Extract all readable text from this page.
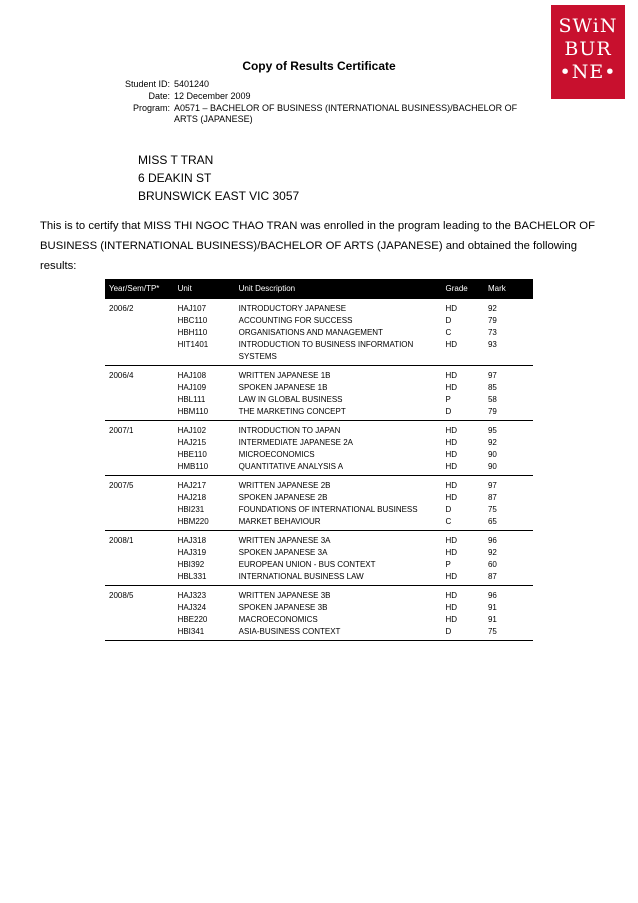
SWiN
BUR
•NE•
Copy of Results Certificate
Student ID: 5401240
Date: 12 December 2009
Program: A0571 – BACHELOR OF BUSINESS (INTERNATIONAL BUSINESS)/BACHELOR OF ARTS (JAPANESE)
MISS T TRAN
6 DEAKIN ST
BRUNSWICK EAST VIC 3057
This is to certify that MISS THI NGOC THAO TRAN was enrolled in the program leading to the BACHELOR OF BUSINESS (INTERNATIONAL BUSINESS)/BACHELOR OF ARTS (JAPANESE) and obtained the following results:
Year/Sem/TP*	Unit	Unit Description	Grade	Mark
2006/2	HAJ107	INTRODUCTORY JAPANESE	HD	92
	HBC110	ACCOUNTING FOR SUCCESS	D	79
	HBH110	ORGANISATIONS AND MANAGEMENT	C	73
	HIT1401	INTRODUCTION TO BUSINESS INFORMATION SYSTEMS	HD	93
2006/4	HAJ108	WRITTEN JAPANESE 1B	HD	97
	HAJ109	SPOKEN JAPANESE 1B	HD	85
	HBL111	LAW IN GLOBAL BUSINESS	P	58
	HBM110	THE MARKETING CONCEPT	D	79
2007/1	HAJ102	INTRODUCTION TO JAPAN	HD	95
	HAJ215	INTERMEDIATE JAPANESE 2A	HD	92
	HBE110	MICROECONOMICS	HD	90
	HMB110	QUANTITATIVE ANALYSIS A	HD	90
2007/5	HAJ217	WRITTEN JAPANESE 2B	HD	97
	HAJ218	SPOKEN JAPANESE 2B	HD	87
	HBI231	FOUNDATIONS OF INTERNATIONAL BUSINESS	D	75
	HBM220	MARKET BEHAVIOUR	C	65
2008/1	HAJ318	WRITTEN JAPANESE 3A	HD	96
	HAJ319	SPOKEN JAPANESE 3A	HD	92
	HBI392	EUROPEAN UNION - BUS CONTEXT	P	60
	HBL331	INTERNATIONAL BUSINESS LAW	HD	87
2008/5	HAJ323	WRITTEN JAPANESE 3B	HD	96
	HAJ324	SPOKEN JAPANESE 3B	HD	91
	HBE220	MACROECONOMICS	HD	91
	HBI341	ASIA-BUSINESS CONTEXT	D	75
